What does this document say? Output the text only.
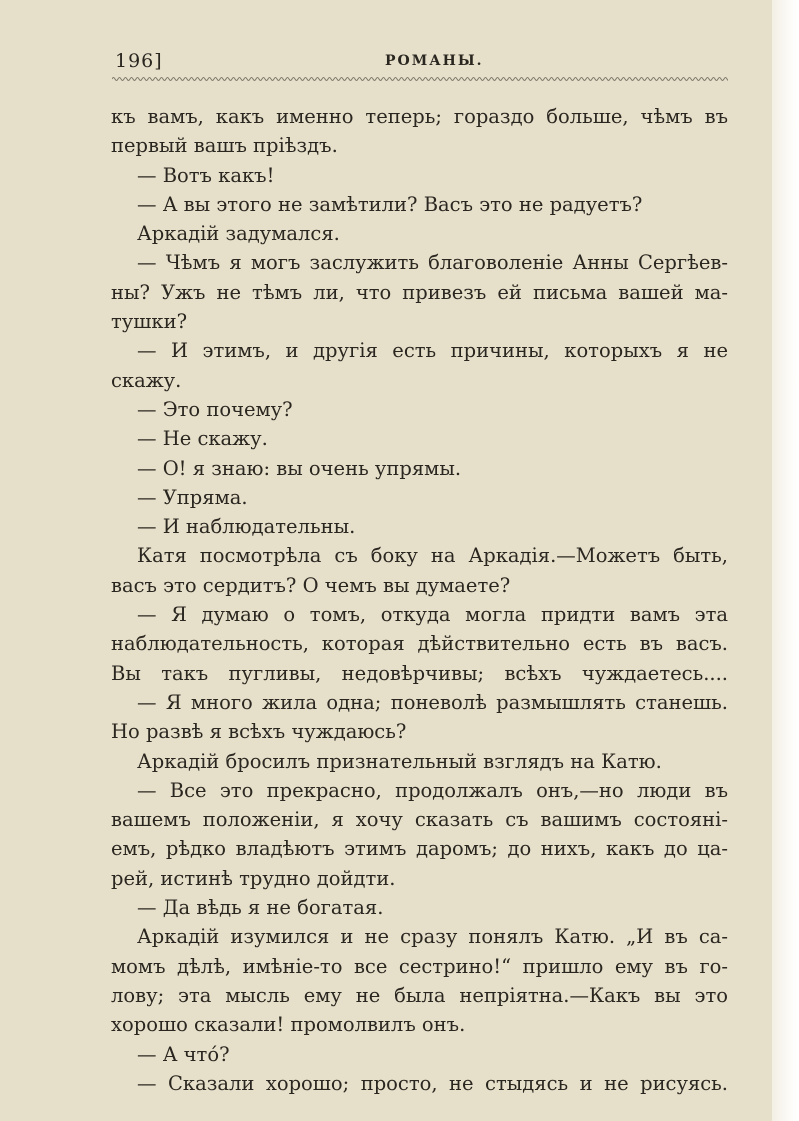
196]	РОМАНЫ.
къ вамъ, какъ именно теперь; гораздо больше, чѣмъ въ
первый вашъ пріѣздъ.
— Вотъ какъ!
— А вы этого не замѣтили? Васъ это не радуетъ?
Аркадій задумался.
— Чѣмъ я могъ заслужить благоволеніе Анны Сергѣев-
ны? Ужъ не тѣмъ ли, что привезъ ей письма вашей ма-
тушки?
— И этимъ, и другія есть причины, которыхъ я не
скажу.
— Это почему?
— Не скажу.
— О! я знаю: вы очень упрямы.
— Упряма.
— И наблюдательны.
Катя посмотрѣла съ боку на Аркадія.—Можетъ быть,
васъ это сердитъ? О чемъ вы думаете?
— Я думаю о томъ, откуда могла придти вамъ эта
наблюдательность, которая дѣйствительно есть въ васъ.
Вы такъ пугливы, недовѣрчивы; всѣхъ чуждаетесь....
— Я много жила одна; поневолѣ размышлять станешь.
Но развѣ я всѣхъ чуждаюсь?
Аркадій бросилъ признательный взглядъ на Катю.
— Все это прекрасно, продолжалъ онъ,—но люди въ
вашемъ положеніи, я хочу сказать съ вашимъ состояні-
емъ, рѣдко владѣютъ этимъ даромъ; до нихъ, какъ до ца-
рей, истинѣ трудно дойдти.
— Да вѣдь я не богатая.
Аркадій изумился и не сразу понялъ Катю. „И въ са-
момъ дѣлѣ, имѣніе-то все сестрино!“ пришло ему въ го-
лову; эта мысль ему не была непріятна.—Какъ вы это
хорошо сказали! промолвилъ онъ.
— А что́?
— Сказали хорошо; просто, не стыдясь и не рисуясь.
